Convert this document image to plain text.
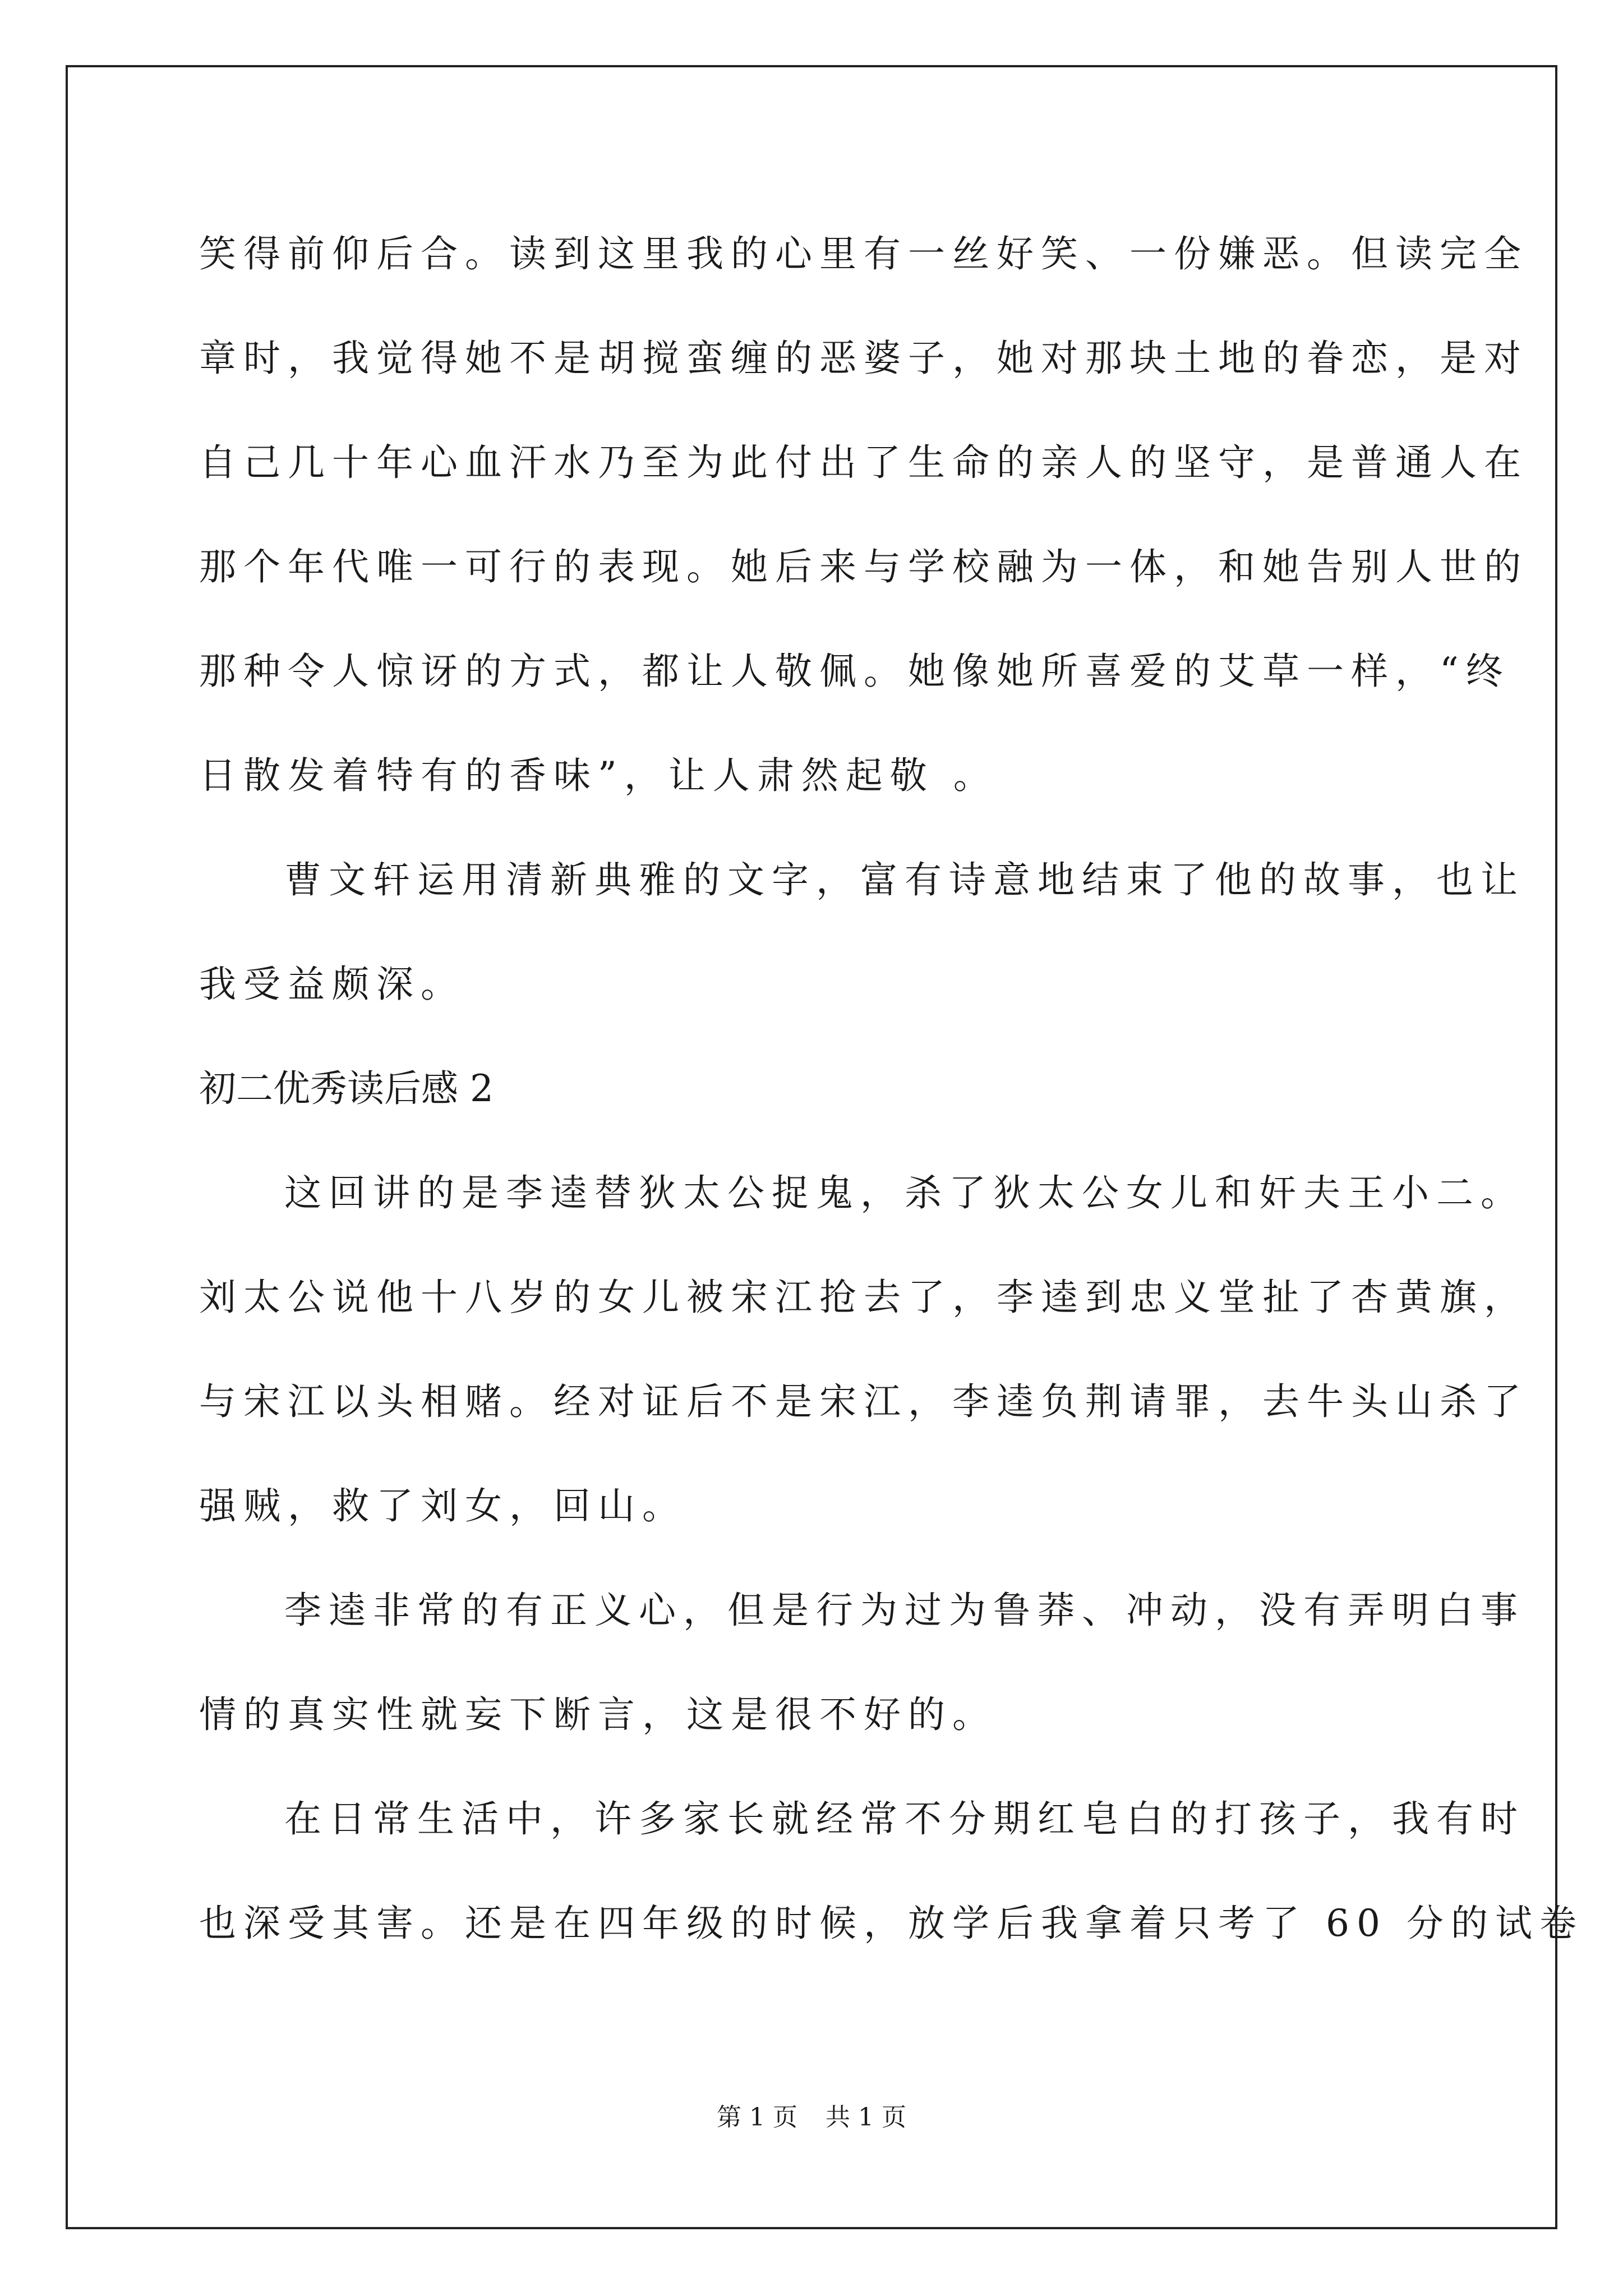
笑得前仰后合。读到这里我的心里有一丝好笑、一份嫌恶。但读完全
章时，我觉得她不是胡搅蛮缠的恶婆子，她对那块土地的眷恋，是对
自己几十年心血汗水乃至为此付出了生命的亲人的坚守，是普通人在
那个年代唯一可行的表现。她后来与学校融为一体，和她告别人世的
那种令人惊讶的方式，都让人敬佩。她像她所喜爱的艾草一样，“终
日散发着特有的香味”，让人肃然起敬 。
曹文轩运用清新典雅的文字，富有诗意地结束了他的故事，也让
我受益颇深。
初二优秀读后感 2
这回讲的是李逵替狄太公捉鬼，杀了狄太公女儿和奸夫王小二。
刘太公说他十八岁的女儿被宋江抢去了，李逵到忠义堂扯了杏黄旗，
与宋江以头相赌。经对证后不是宋江，李逵负荆请罪，去牛头山杀了
强贼，救了刘女，回山。
李逵非常的有正义心，但是行为过为鲁莽、冲动，没有弄明白事
情的真实性就妄下断言，这是很不好的。
在日常生活中，许多家长就经常不分期红皂白的打孩子，我有时
也深受其害。还是在四年级的时候，放学后我拿着只考了 60 分的试卷
第 1 页 共 1 页
